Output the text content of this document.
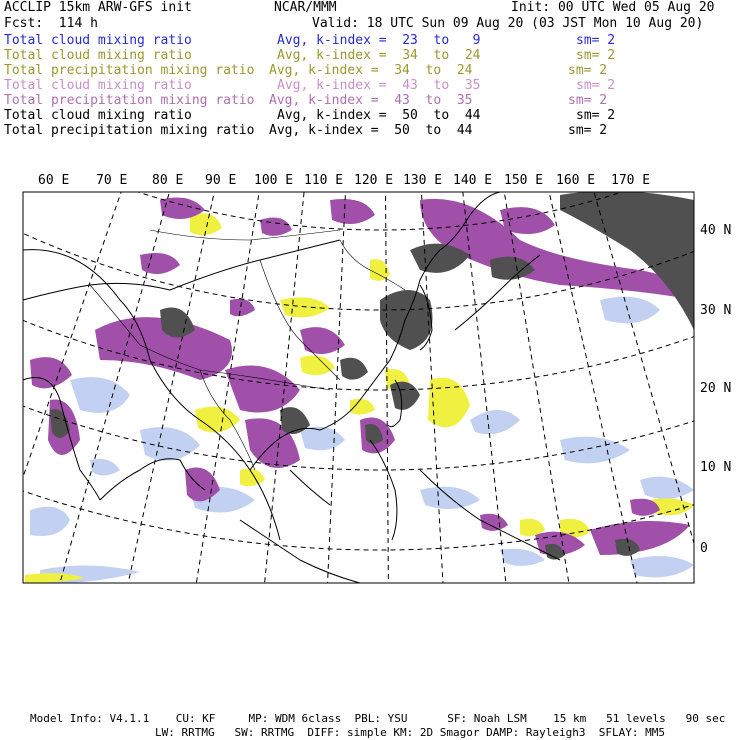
ACCLIP 15km ARW-GFS init	NCAR/MMM	Init: 00 UTC Wed 05 Aug 20
Fcst:  114 h	Valid: 18 UTC Sun 09 Aug 20 (03 JST Mon 10 Aug 20)
Total cloud mixing ratio	Avg, k-index =  23  to   9	sm= 2
Total cloud mixing ratio	Avg, k-index =  34  to  24	sm= 2
Total precipitation mixing ratio Avg, k-index =  34  to  24	sm= 2
Total cloud mixing ratio	Avg, k-index =  43  to  35	sm= 2
Total precipitation mixing ratio Avg, k-index =  43  to  35	sm= 2
Total cloud mixing ratio	Avg, k-index =  50  to  44	sm= 2
Total precipitation mixing ratio Avg, k-index =  50  to  44	sm= 2
60 E 70 E 80 E 90 E 100 E 110 E 120 E 130 E 140 E 150 E 160 E 170 E
40 N
30 N
20 N
10 N
0
Model Info: V4.1.1    CU: KF     MP: WDM 6class  PBL: YSU      SF: Noah LSM    15 km   51 levels   90 sec
LW: RRTMG   SW: RRTMG  DIFF: simple KM: 2D Smagor DAMP: Rayleigh3  SFLAY: MM5
